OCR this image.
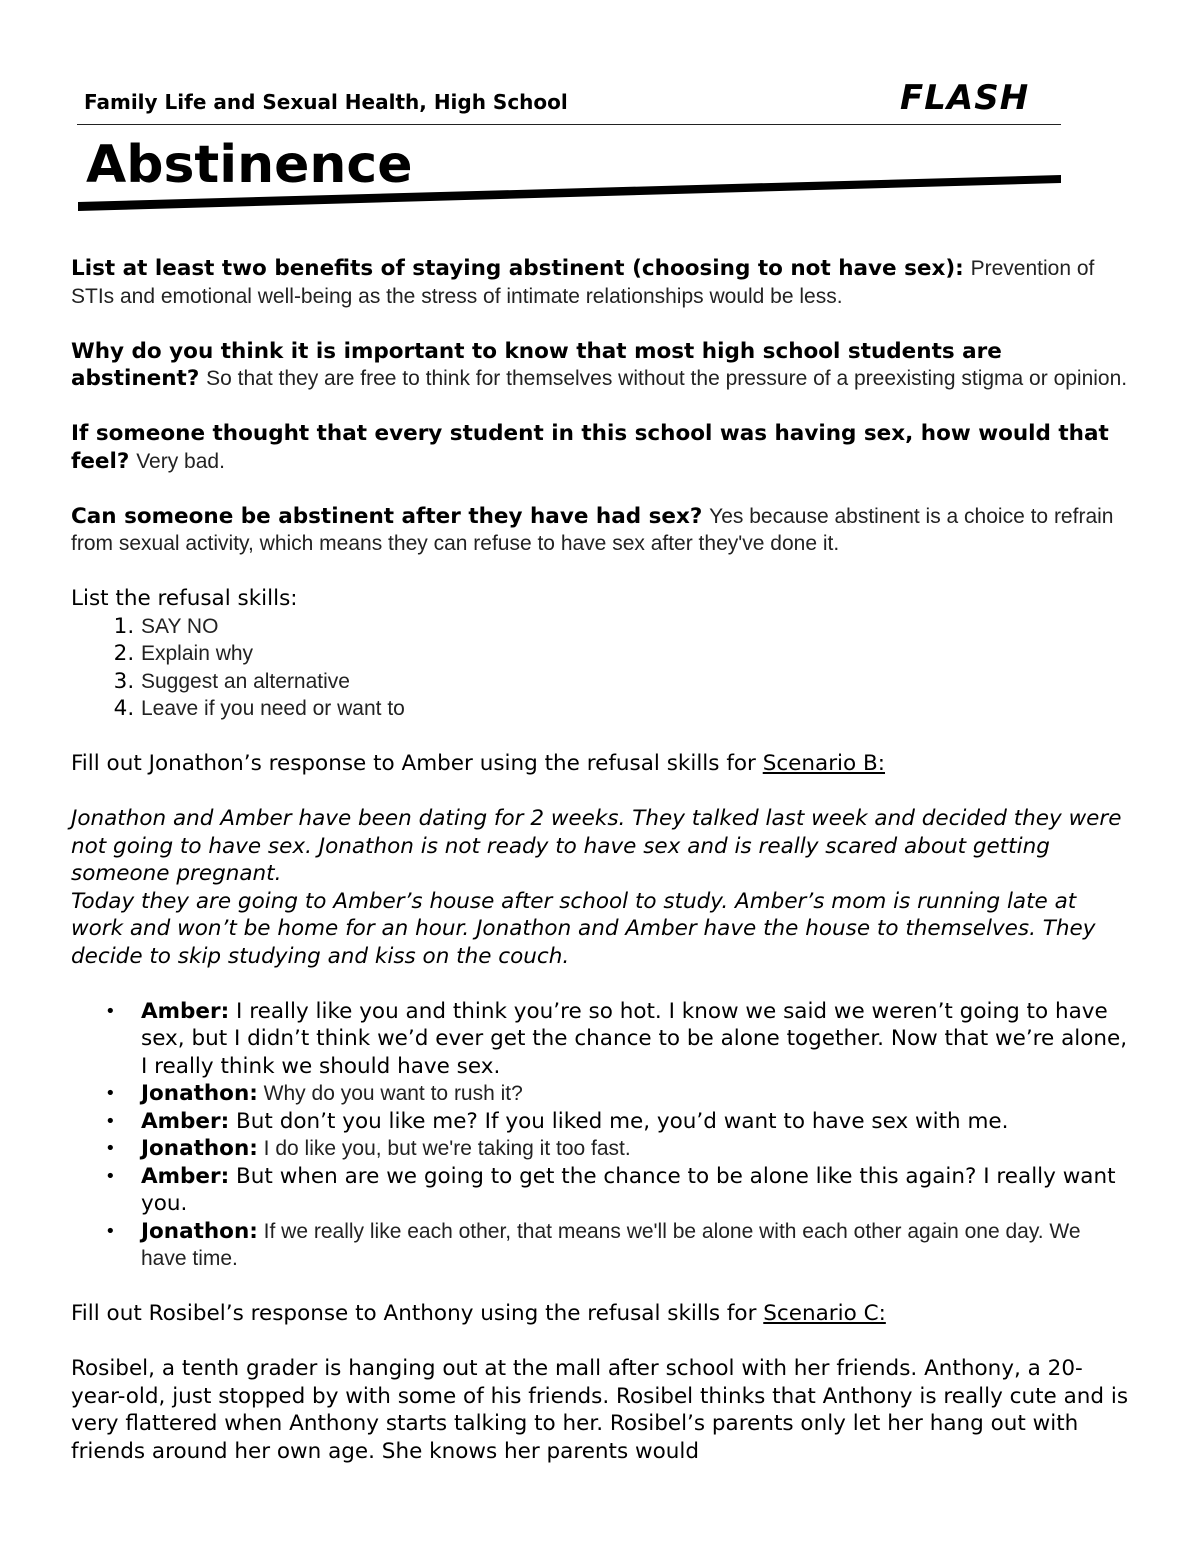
Family Life and Sexual Health, High School	FLASH
Abstinence

List at least two benefits of staying abstinent (choosing to not have sex): Prevention of STIs and emotional well-being as the stress of intimate relationships would be less.

Why do you think it is important to know that most high school students are abstinent? So that they are free to think for themselves without the pressure of a preexisting stigma or opinion.

If someone thought that every student in this school was having sex, how would that feel? Very bad.

Can someone be abstinent after they have had sex? Yes because abstinent is a choice to refrain from sexual activity, which means they can refuse to have sex after they've done it.

List the refusal skills:

1. SAY NO
2. Explain why
3. Suggest an alternative
4. Leave if you need or want to

Fill out Jonathon’s response to Amber using the refusal skills for Scenario B:

Jonathon and Amber have been dating for 2 weeks. They talked last week and decided they were not going to have sex. Jonathon is not ready to have sex and is really scared about getting someone pregnant.

Today they are going to Amber’s house after school to study. Amber’s mom is running late at work and won’t be home for an hour. Jonathon and Amber have the house to themselves. They decide to skip studying and kiss on the couch.

• Amber: I really like you and think you’re so hot. I know we said we weren’t going to have sex, but I didn’t think we’d ever get the chance to be alone together. Now that we’re alone, I really think we should have sex.
• Jonathon: Why do you want to rush it?
• Amber: But don’t you like me? If you liked me, you’d want to have sex with me.
• Jonathon: I do like you, but we're taking it too fast.
• Amber: But when are we going to get the chance to be alone like this again? I really want you.
• Jonathon: If we really like each other, that means we'll be alone with each other again one day. We have time.

Fill out Rosibel’s response to Anthony using the refusal skills for Scenario C:

Rosibel, a tenth grader is hanging out at the mall after school with her friends. Anthony, a 20-year-old, just stopped by with some of his friends. Rosibel thinks that Anthony is really cute and is very flattered when Anthony starts talking to her. Rosibel’s parents only let her hang out with friends around her own age. She knows her parents would
